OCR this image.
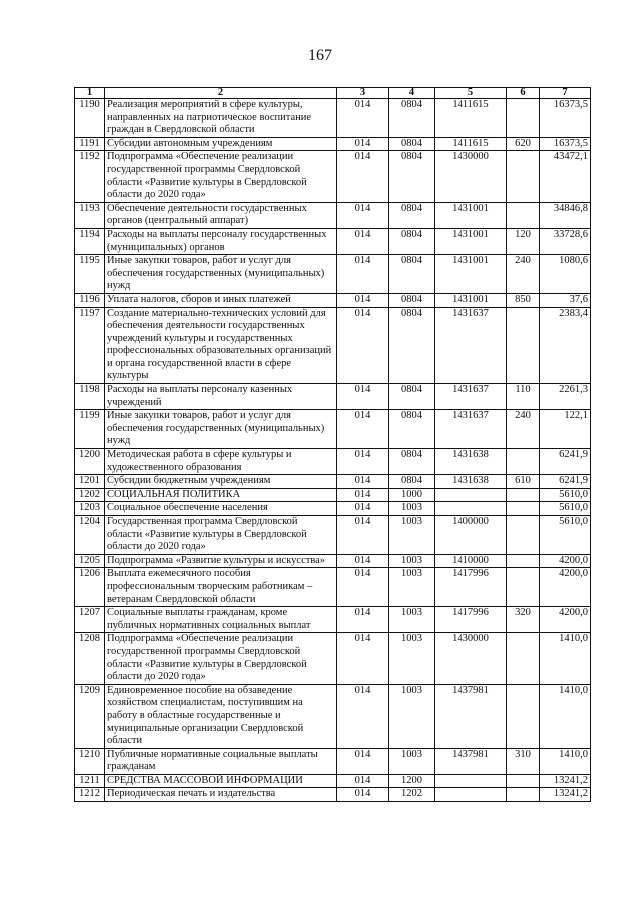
167
1	2	3	4	5	6	7
1190	Реализация мероприятий в сфере культуры, направленных на патриотическое воспитание граждан в Свердловской области	014	0804	1411615		16373,5
1191	Субсидии автономным учреждениям	014	0804	1411615	620	16373,5
1192	Подпрограмма «Обеспечение реализации государственной программы Свердловской области «Развитие культуры в Свердловской области до 2020 года»	014	0804	1430000		43472,1
1193	Обеспечение деятельности государственных органов (центральный аппарат)	014	0804	1431001		34846,8
1194	Расходы на выплаты персоналу государственных (муниципальных) органов	014	0804	1431001	120	33728,6
1195	Иные закупки товаров, работ и услуг для обеспечения государственных (муниципальных) нужд	014	0804	1431001	240	1080,6
1196	Уплата налогов, сборов и иных платежей	014	0804	1431001	850	37,6
1197	Создание материально-технических условий для обеспечения деятельности государственных учреждений культуры и государственных профессиональных образовательных организаций и органа государственной власти в сфере культуры	014	0804	1431637		2383,4
1198	Расходы на выплаты персоналу казенных учреждений	014	0804	1431637	110	2261,3
1199	Иные закупки товаров, работ и услуг для обеспечения государственных (муниципальных) нужд	014	0804	1431637	240	122,1
1200	Методическая работа в сфере культуры и художественного образования	014	0804	1431638		6241,9
1201	Субсидии бюджетным учреждениям	014	0804	1431638	610	6241,9
1202	СОЦИАЛЬНАЯ ПОЛИТИКА	014	1000			5610,0
1203	Социальное обеспечение населения	014	1003			5610,0
1204	Государственная программа Свердловской области «Развитие культуры в Свердловской области до 2020 года»	014	1003	1400000		5610,0
1205	Подпрограмма «Развитие культуры и искусства»	014	1003	1410000		4200,0
1206	Выплата ежемесячного пособия профессиональным творческим работникам – ветеранам Свердловской области	014	1003	1417996		4200,0
1207	Социальные выплаты гражданам, кроме публичных нормативных социальных выплат	014	1003	1417996	320	4200,0
1208	Подпрограмма «Обеспечение реализации государственной программы Свердловской области «Развитие культуры в Свердловской области до 2020 года»	014	1003	1430000		1410,0
1209	Единовременное пособие на обзаведение хозяйством специалистам, поступившим на работу в областные государственные и муниципальные организации Свердловской области	014	1003	1437981		1410,0
1210	Публичные нормативные социальные выплаты гражданам	014	1003	1437981	310	1410,0
1211	СРЕДСТВА МАССОВОЙ ИНФОРМАЦИИ	014	1200			13241,2
1212	Периодическая печать и издательства	014	1202			13241,2
